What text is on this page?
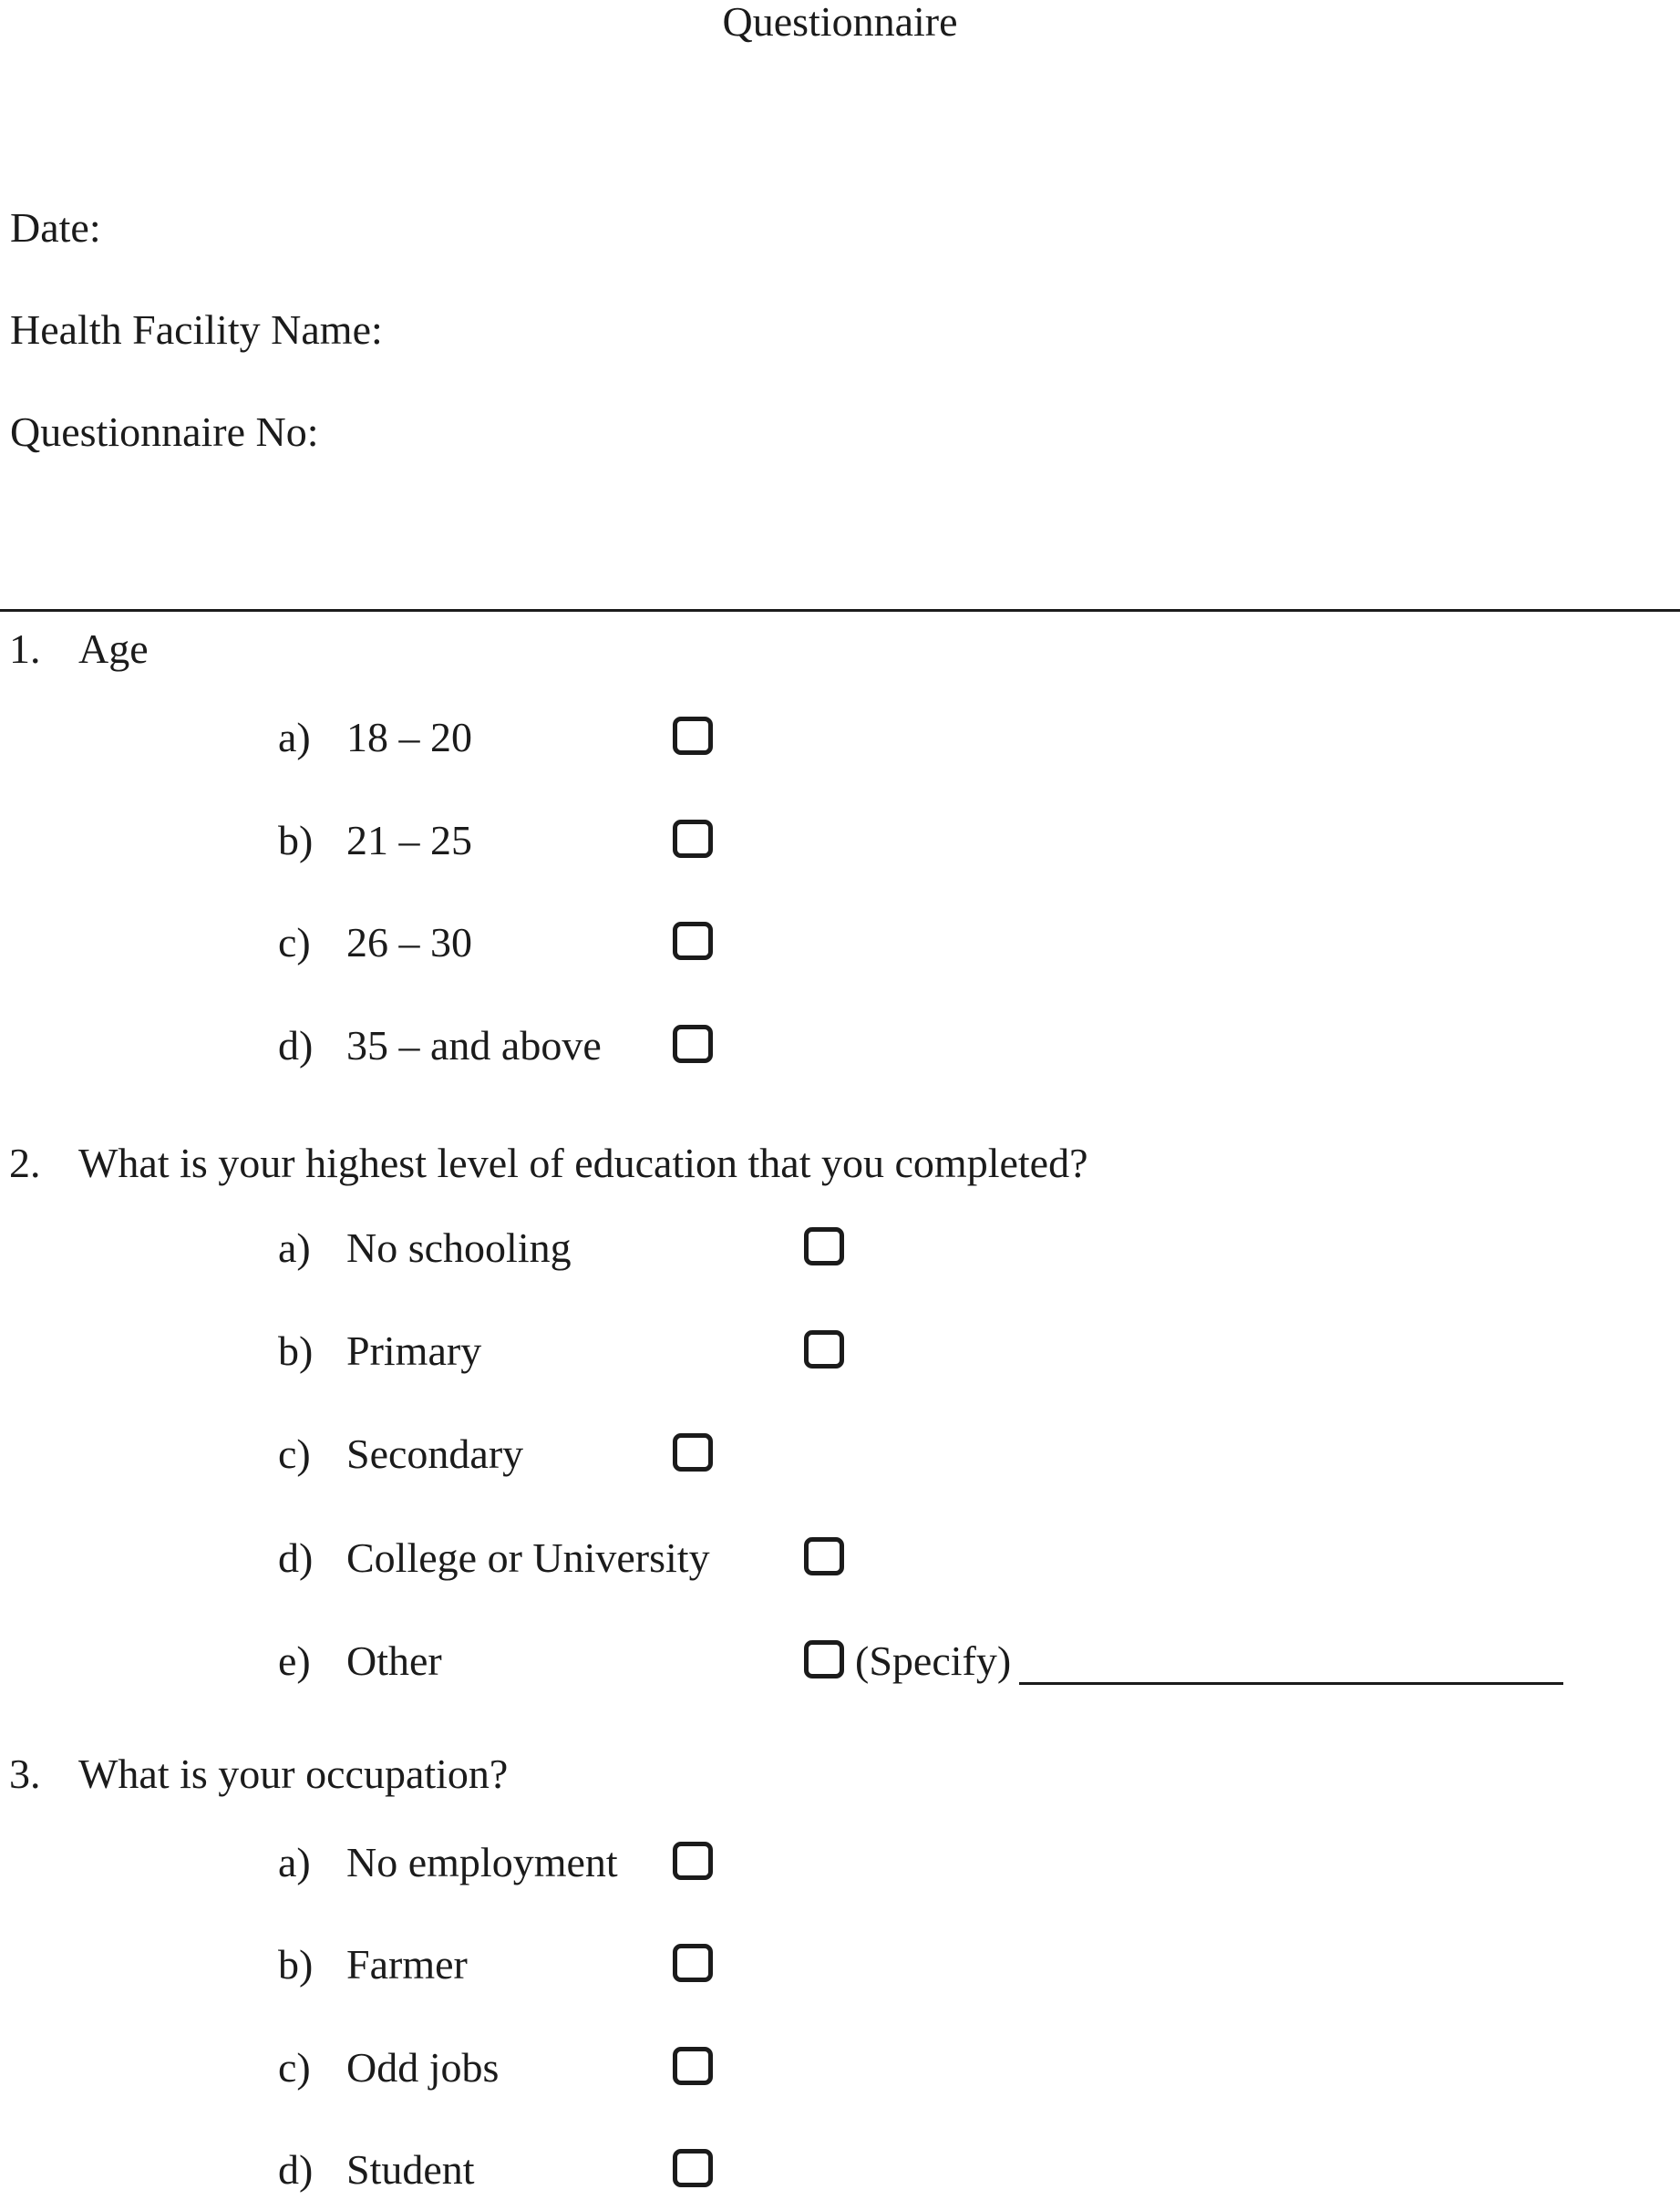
Questionnaire
Date:
Health Facility Name:
Questionnaire No:
1. Age
a) 18 – 20
b) 21 – 25
c) 26 – 30
d) 35 – and above
2. What is your highest level of education that you completed?
a) No schooling
b) Primary
c) Secondary
d) College or University
e) Other	(Specify)
3. What is your occupation?
a) No employment
b) Farmer
c) Odd jobs
d) Student
